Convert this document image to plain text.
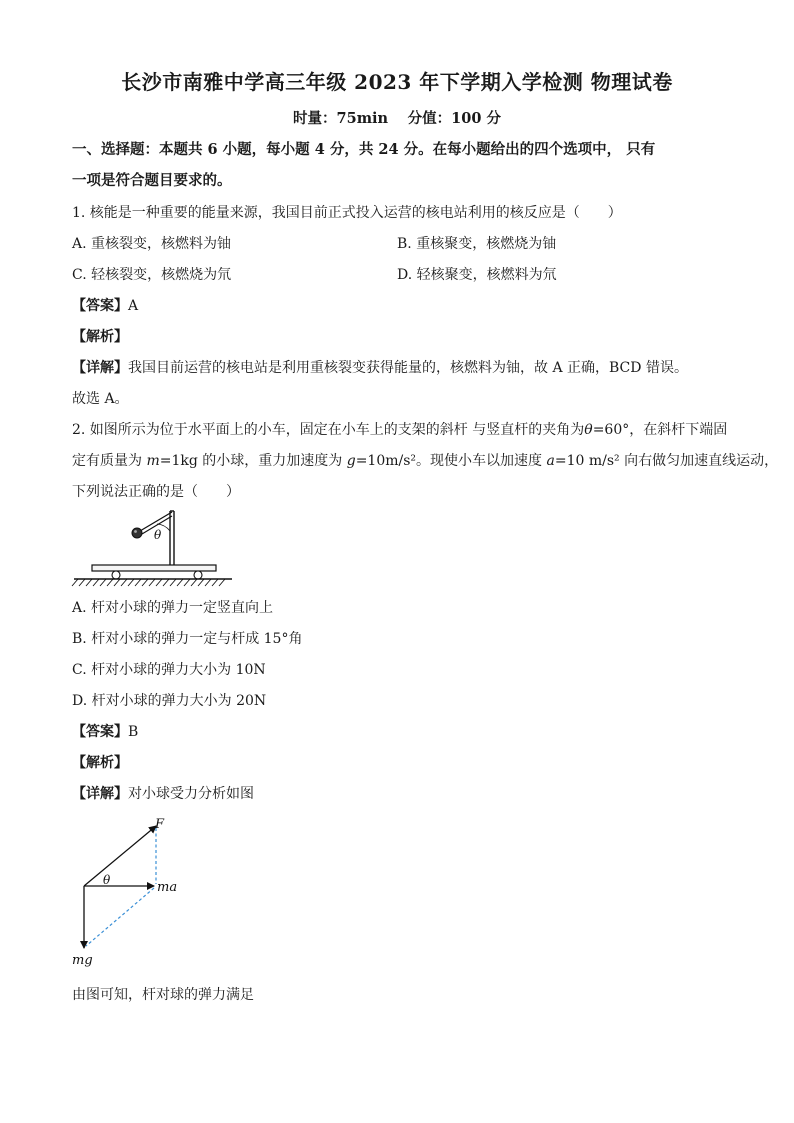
长沙市南雅中学高三年级 2023 年下学期入学检测 物理试卷
时量：75min　 分值：100 分
一、选择题：本题共 6 小题，每小题 4 分，共 24 分。在每小题给出的四个选项中， 只有
一项是符合题目要求的。
1. 核能是一种重要的能量来源，我国目前正式投入运营的核电站利用的核反应是（　　）
A. 重核裂变，核燃料为铀	B. 重核聚变，核燃烧为铀
C. 轻核裂变，核燃烧为氘	D. 轻核聚变，核燃料为氘
【答案】A
【解析】
【详解】我国目前运营的核电站是利用重核裂变获得能量的，核燃料为铀，故 A 正确，BCD 错误。
故选 A。
2. 如图所示为位于水平面上的小车，固定在小车上的支架的斜杆 与竖直杆的夹角为θ=60°，在斜杆下端固
定有质量为 m=1kg 的小球，重力加速度为 g=10m/s²。现使小车以加速度 a=10 m/s² 向右做匀加速直线运动，
下列说法正确的是（　　）
θ
A. 杆对小球的弹力一定竖直向上
B. 杆对小球的弹力一定与杆成 15°角
C. 杆对小球的弹力大小为 10N
D. 杆对小球的弹力大小为 20N
【答案】B
【解析】
【详解】对小球受力分析如图
F
θ	ma
mg
由图可知，杆对球的弹力满足
